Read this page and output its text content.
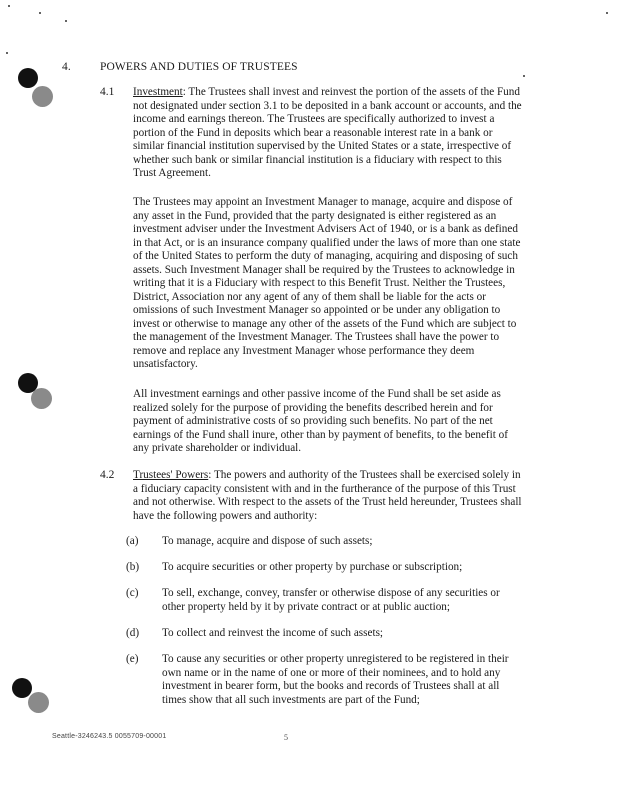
4.	POWERS AND DUTIES OF TRUSTEES
4.1 Investment: The Trustees shall invest and reinvest the portion of the assets of the Fund not designated under section 3.1 to be deposited in a bank account or accounts, and the income and earnings thereon. The Trustees are specifically authorized to invest a portion of the Fund in deposits which bear a reasonable interest rate in a bank or similar financial institution supervised by the United States or a state, irrespective of whether such bank or similar financial institution is a fiduciary with respect to this Trust Agreement.

The Trustees may appoint an Investment Manager to manage, acquire and dispose of any asset in the Fund, provided that the party designated is either registered as an investment adviser under the Investment Advisers Act of 1940, or is a bank as defined in that Act, or is an insurance company qualified under the laws of more than one state of the United States to perform the duty of managing, acquiring and disposing of such assets. Such Investment Manager shall be required by the Trustees to acknowledge in writing that it is a Fiduciary with respect to this Benefit Trust. Neither the Trustees, District, Association nor any agent of any of them shall be liable for the acts or omissions of such Investment Manager so appointed or be under any obligation to invest or otherwise to manage any other of the assets of the Fund which are subject to the management of the Investment Manager. The Trustees shall have the power to remove and replace any Investment Manager whose performance they deem unsatisfactory.

All investment earnings and other passive income of the Fund shall be set aside as realized solely for the purpose of providing the benefits described herein and for payment of administrative costs of so providing such benefits. No part of the net earnings of the Fund shall inure, other than by payment of benefits, to the benefit of any private shareholder or individual.

4.2 Trustees' Powers: The powers and authority of the Trustees shall be exercised solely in a fiduciary capacity consistent with and in the furtherance of the purpose of this Trust and not otherwise. With respect to the assets of the Trust held hereunder, Trustees shall have the following powers and authority:

(a) To manage, acquire and dispose of such assets;

(b) To acquire securities or other property by purchase or subscription;

(c) To sell, exchange, convey, transfer or otherwise dispose of any securities or other property held by it by private contract or at public auction;

(d) To collect and reinvest the income of such assets;

(e) To cause any securities or other property unregistered to be registered in their own name or in the name of one or more of their nominees, and to hold any investment in bearer form, but the books and records of Trustees shall at all times show that all such investments are part of the Fund;

Seattle-3246243.5 0055709-00001	5
